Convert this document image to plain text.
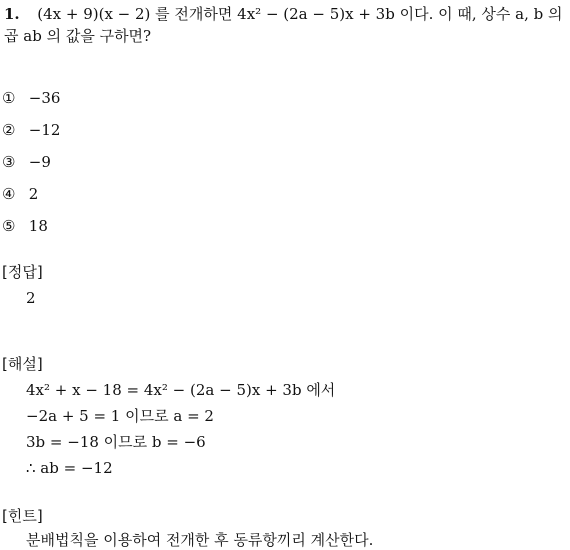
1. (4x + 9)(x − 2) 를 전개하면 4x² − (2a − 5)x + 3b 이다. 이 때, 상수 a, b 의
곱 ab 의 값을 구하면?
① −36
② −12
③ −9
④ 2
⑤ 18
[정답]
2
[해설]
4x² + x − 18 = 4x² − (2a − 5)x + 3b 에서
−2a + 5 = 1 이므로 a = 2
3b = −18 이므로 b = −6
∴ ab = −12
[힌트]
분배법칙을 이용하여 전개한 후 동류항끼리 계산한다.
